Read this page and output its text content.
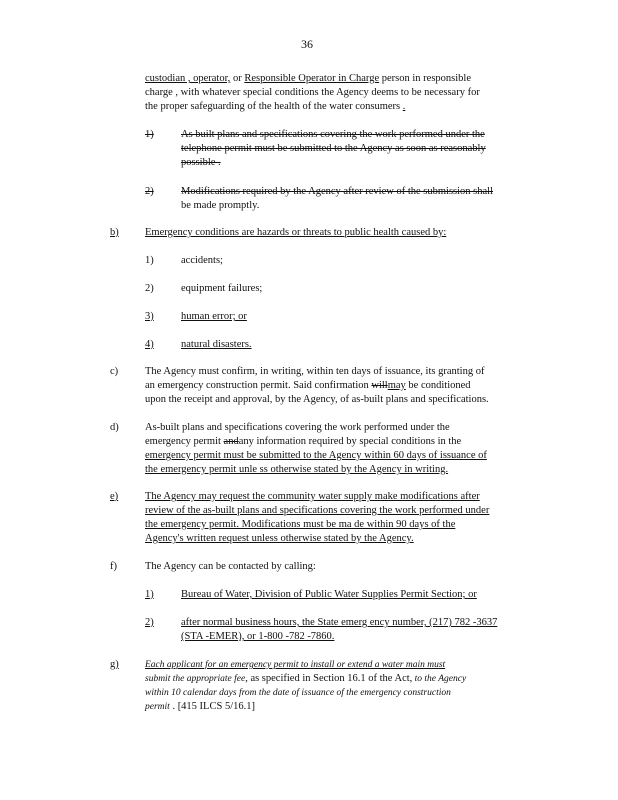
36
custodian , operator, or Responsible Operator in Charge person in responsible
charge , with whatever special conditions the Agency deems to be necessary for
the proper safeguarding of the health of the water consumers .
1)	As built plans and specifications covering the work performed under the
telephone permit must be submitted to the Agency as soon as reasonably
possible .
2)	Modifications required by the Agency after review of the submission shall
be made promptly.
b)	Emergency conditions are hazards or threats to public health caused by:
1)	accidents;
2)	equipment failures;
3)	human error; or
4)	natural disasters.
c)	The Agency must confirm, in writing, within ten days of issuance, its granting of
an emergency construction permit. Said confirmation willmay be conditioned
upon the receipt and approval, by the Agency, of as-built plans and specifications.
d)	As-built plans and specifications covering the work performed under the
emergency permit andany information required by special conditions in the
emergency permit must be submitted to the Agency within 60 days of issuance of
the emergency permit unle ss otherwise stated by the Agency in writing.
e)	The Agency may request the community water supply make modifications after
review of the as-built plans and specifications covering the work performed under
the emergency permit. Modifications must be ma de within 90 days of the
Agency's written request unless otherwise stated by the Agency.
f)	The Agency can be contacted by calling:
1)	Bureau of Water, Division of Public Water Supplies Permit Section; or
2)	after normal business hours, the State emerg ency number, (217) 782 -3637
(STA -EMER), or 1-800 -782 -7860.
g)	Each applicant for an emergency permit to install or extend a water main must
submit the appropriate fee, as specified in Section 16.1 of the Act, to the Agency
within 10 calendar days from the date of issuance of the emergency construction
permit . [415 ILCS 5/16.1]
